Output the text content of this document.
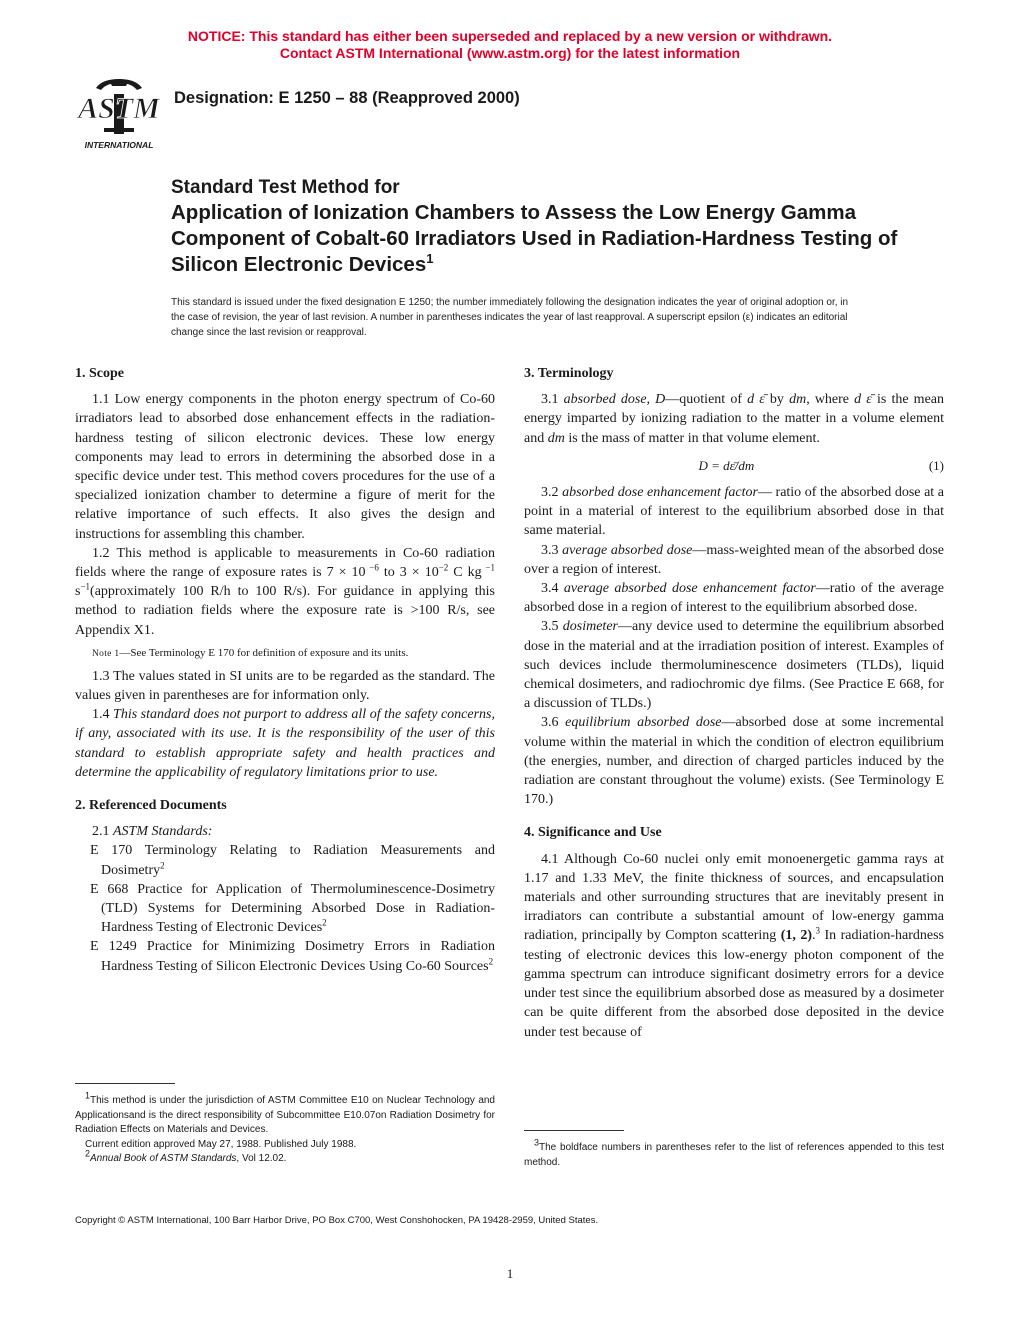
NOTICE: This standard has either been superseded and replaced by a new version or withdrawn.
Contact ASTM International (www.astm.org) for the latest information
ASTM
INTERNATIONAL
Designation: E 1250 – 88 (Reapproved 2000)
Standard Test Method for
Application of Ionization Chambers to Assess the Low Energy Gamma Component of Cobalt-60 Irradiators Used in Radiation-Hardness Testing of Silicon Electronic Devices$^1$
This standard is issued under the fixed designation E 1250; the number immediately following the designation indicates the year of original adoption or, in the case of revision, the year of last revision. A number in parentheses indicates the year of last reapproval. A superscript epsilon (ε) indicates an editorial change since the last revision or reapproval.
1. Scope

1.1 Low energy components in the photon energy spectrum of Co-60 irradiators lead to absorbed dose enhancement effects in the radiation-hardness testing of silicon electronic devices. These low energy components may lead to errors in determining the absorbed dose in a specific device under test. This method covers procedures for the use of a specialized ionization chamber to determine a figure of merit for the relative importance of such effects. It also gives the design and instructions for assembling this chamber.

1.2 This method is applicable to measurements in Co-60 radiation fields where the range of exposure rates is 7 × 10 $^{-6}$ to $3 \times 10^{-2}$ C kg $^{-1}$ $s^{-1}(approximately$ 100 R/h to 100 R/s). For guidance in applying this method to radiation fields where the exposure rate is >100 R/s, see Appendix X1.

Note 1—See Terminology E 170 for definition of exposure and its units.

1.3 The values stated in SI units are to be regarded as the standard. The values given in parentheses are for information only.

1.4 This standard does not purport to address all of the safety concerns, if any, associated with its use. It is the responsibility of the user of this standard to establish appropriate safety and health practices and determine the applicability of regulatory limitations prior to use.

2. Referenced Documents

2.1 ASTM Standards:

E 170 Terminology Relating to Radiation Measurements and Dosimetry$^2$

E 668 Practice for Application of Thermoluminescence-Dosimetry (TLD) Systems for Determining Absorbed Dose in Radiation-Hardness Testing of Electronic Devices$^2$

E 1249 Practice for Minimizing Dosimetry Errors in Radiation Hardness Testing of Silicon Electronic Devices Using Co-60 Sources$^2$

3. Terminology

3.1 absorbed dose, D—quotient of d ε̄ by dm, where d ε̄ is the mean energy imparted by ionizing radiation to the matter in a volume element and dm is the mass of matter in that volume element.

D = dε̄/dm	(1)

3.2 absorbed dose enhancement factor— ratio of the absorbed dose at a point in a material of interest to the equilibrium absorbed dose in that same material.

3.3 average absorbed dose—mass-weighted mean of the absorbed dose over a region of interest.

3.4 average absorbed dose enhancement factor—ratio of the average absorbed dose in a region of interest to the equilibrium absorbed dose.

3.5 dosimeter—any device used to determine the equilibrium absorbed dose in the material and at the irradiation position of interest. Examples of such devices include thermoluminescence dosimeters (TLDs), liquid chemical dosimeters, and radiochromic dye films. (See Practice E 668, for a discussion of TLDs.)

3.6 equilibrium absorbed dose—absorbed dose at some incremental volume within the material in which the condition of electron equilibrium (the energies, number, and direction of charged particles induced by the radiation are constant throughout the volume) exists. (See Terminology E 170.)

4. Significance and Use

4.1 Although Co-60 nuclei only emit monoenergetic gamma rays at 1.17 and 1.33 MeV, the finite thickness of sources, and encapsulation materials and other surrounding structures that are inevitably present in irradiators can contribute a substantial amount of low-energy gamma radiation, principally by Compton scattering (1, 2).$^3$ In radiation-hardness testing of electronic devices this low-energy photon component of the gamma spectrum can introduce significant dosimetry errors for a device under test since the equilibrium absorbed dose as measured by a dosimeter can be quite different from the absorbed dose deposited in the device under test because of

$^1$This method is under the jurisdiction of ASTM Committee E10 on Nuclear Technology and Applicationsand is the direct responsibility of Subcommittee E10.07on Radiation Dosimetry for Radiation Effects on Materials and Devices.

Current edition approved May 27, 1988. Published July 1988.

$^2$Annual Book of ASTM Standards, Vol 12.02.

$^3$The boldface numbers in parentheses refer to the list of references appended to this test method.

Copyright © ASTM International, 100 Barr Harbor Drive, PO Box C700, West Conshohocken, PA 19428-2959, United States.
1
